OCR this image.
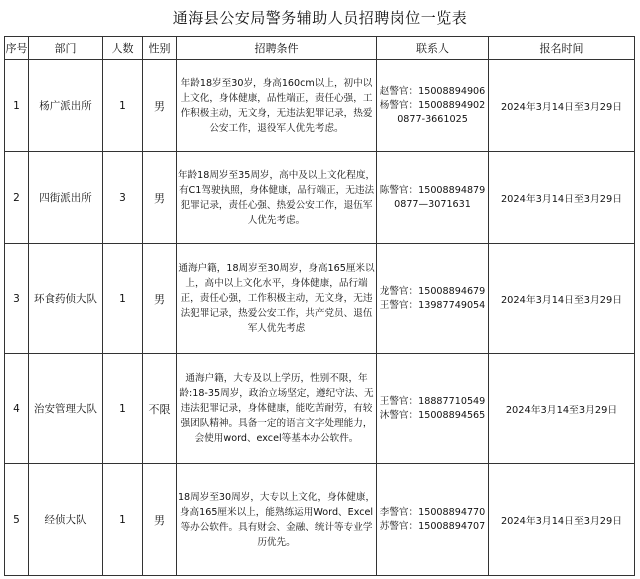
通海县公安局警务辅助人员招聘岗位一览表
序号	部门	人数	性别	招聘条件	联系人	报名时间
1	杨广派出所	1	男	年龄18岁至30岁，身高160cm以上，初中以上文化，身体健康，品性端正，责任心强，工作积极主动，无文身，无违法犯罪记录，热爱公安工作，退役军人优先考虑。	赵警官：15008894906
杨警官：15008894902
0877-3661025	2024年3月14日至3月29日
2	四街派出所	3	男	年龄18周岁至35周岁，高中及以上文化程度，有C1驾驶执照，身体健康，品行端正，无违法犯罪记录，责任心强、热爱公安工作，退伍军人优先考虑。	陈警官：15008894879
0877—3071631	2024年3月14日至3月29日
3	环食药侦大队	1	男	通海户籍，18周岁至30周岁，身高165厘米以上，高中以上文化水平，身体健康，品行端正，责任心强，工作积极主动，无文身，无违法犯罪记录，热爱公安工作，共产党员、退伍军人优先考虑	龙警官：15008894679
王警官：13987749054	2024年3月14日至3月29日
4	治安管理大队	1	不限	通海户籍，大专及以上学历，性别不限，年龄:18-35周岁，政治立场坚定，遵纪守法、无违法犯罪记录，身体健康，能吃苦耐劳，有较强团队精神。具备一定的语言文字处理能力，会使用word、excel等基本办公软件。	王警官：18887710549
沐警官：15008894565	2024年3月14至3月29日
5	经侦大队	1	男	18周岁至30周岁，大专以上文化，身体健康，身高165厘米以上，能熟练运用Word、Excel等办公软件。具有财会、金融、统计等专业学历优先。	李警官：15008894770
苏警官：15008894707	2024年3月14日至3月29日
